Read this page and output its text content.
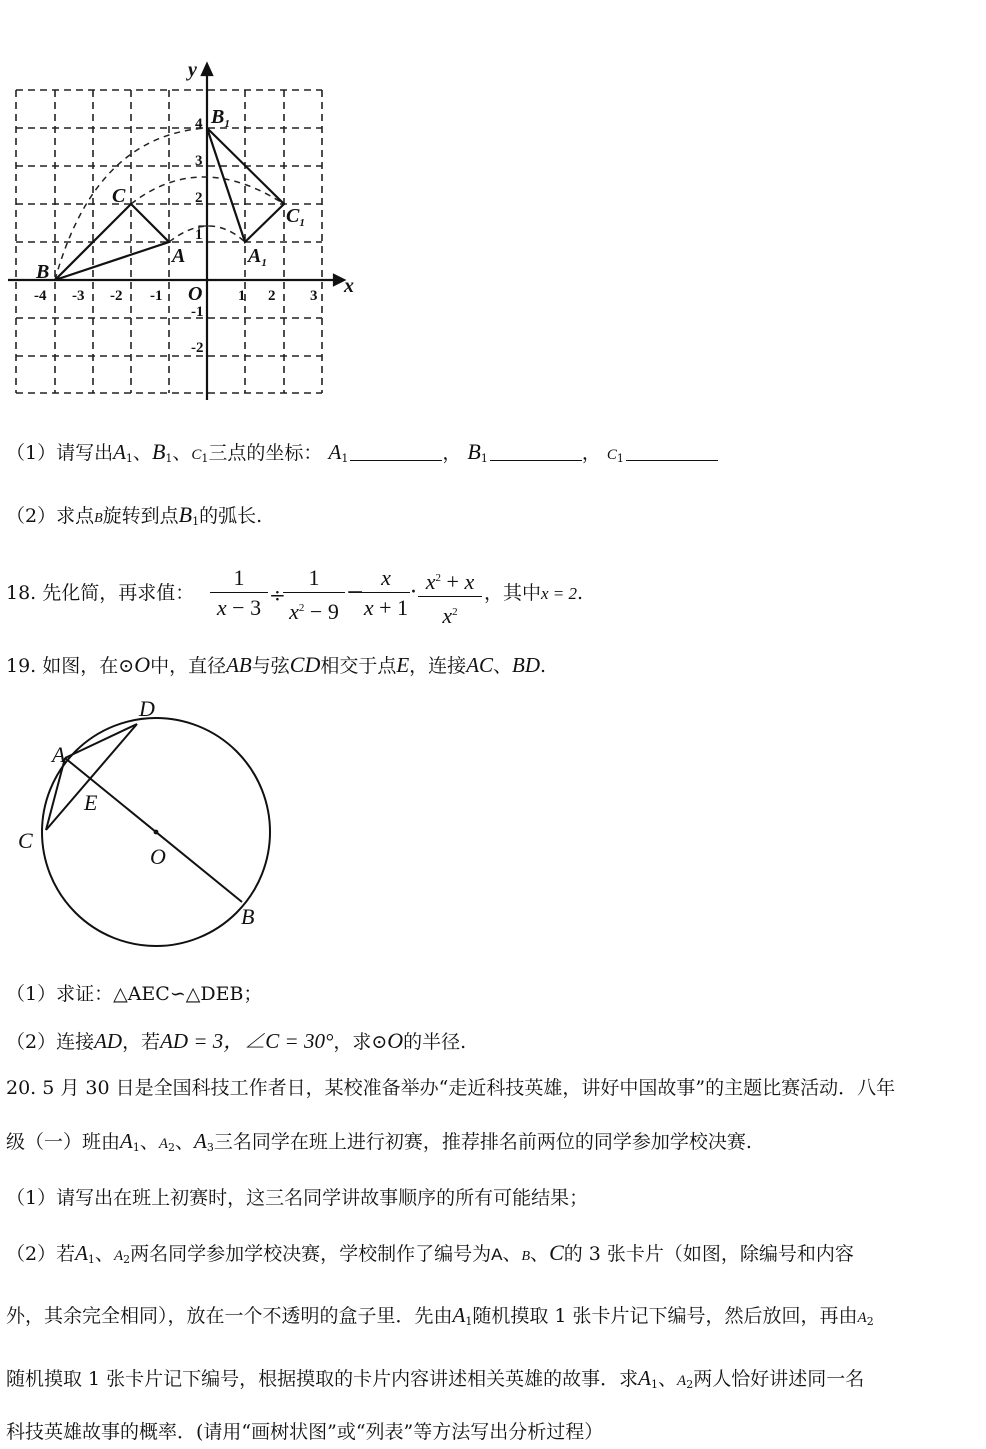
-4 -3 -2 -1	1 2 3
1
2
3
4
-1
-2
y
x
O
B
C
A
$B_1$
$C_1$
$A_1$
（1）请写出$A_1$、$B_1$、$C_1$三点的坐标： $A_1$	， $B_1$	， $C_1$
（2）求点B旋转到点$B_1$的弧长.
18. 先化简，再求值：
1
x − 3 ÷
1
$x^2 - 9$
−
x
x + 1
· $x^2 + x$
$x^2$
，其中x = 2.
19. 如图，在⊙O中，直径AB与弦CD相交于点E，连接AC、BD.
D
A
E
C
O
B
（1）求证：△AEC∽△DEB；
（2）连接AD，若AD = 3，∠C = 30°，求⊙O的半径.
20. 5 月 30 日是全国科技工作者日，某校准备举办“走近科技英雄，讲好中国故事”的主题比赛活动．八年
级（一）班由$A_1$、$A_2$、$A_3$三名同学在班上进行初赛，推荐排名前两位的同学参加学校决赛.
（1）请写出在班上初赛时，这三名同学讲故事顺序的所有可能结果；
（2）若$A_1$、$A_2$两名同学参加学校决赛，学校制作了编号为A、B、C的 3 张卡片（如图，除编号和内容
外，其余完全相同），放在一个不透明的盒子里．先由$A_1$随机摸取 1 张卡片记下编号，然后放回，再由$A_2$
随机摸取 1 张卡片记下编号，根据摸取的卡片内容讲述相关英雄的故事．求$A_1$、$A_2$两人恰好讲述同一名
科技英雄故事的概率．(请用“画树状图”或“列表”等方法写出分析过程）
